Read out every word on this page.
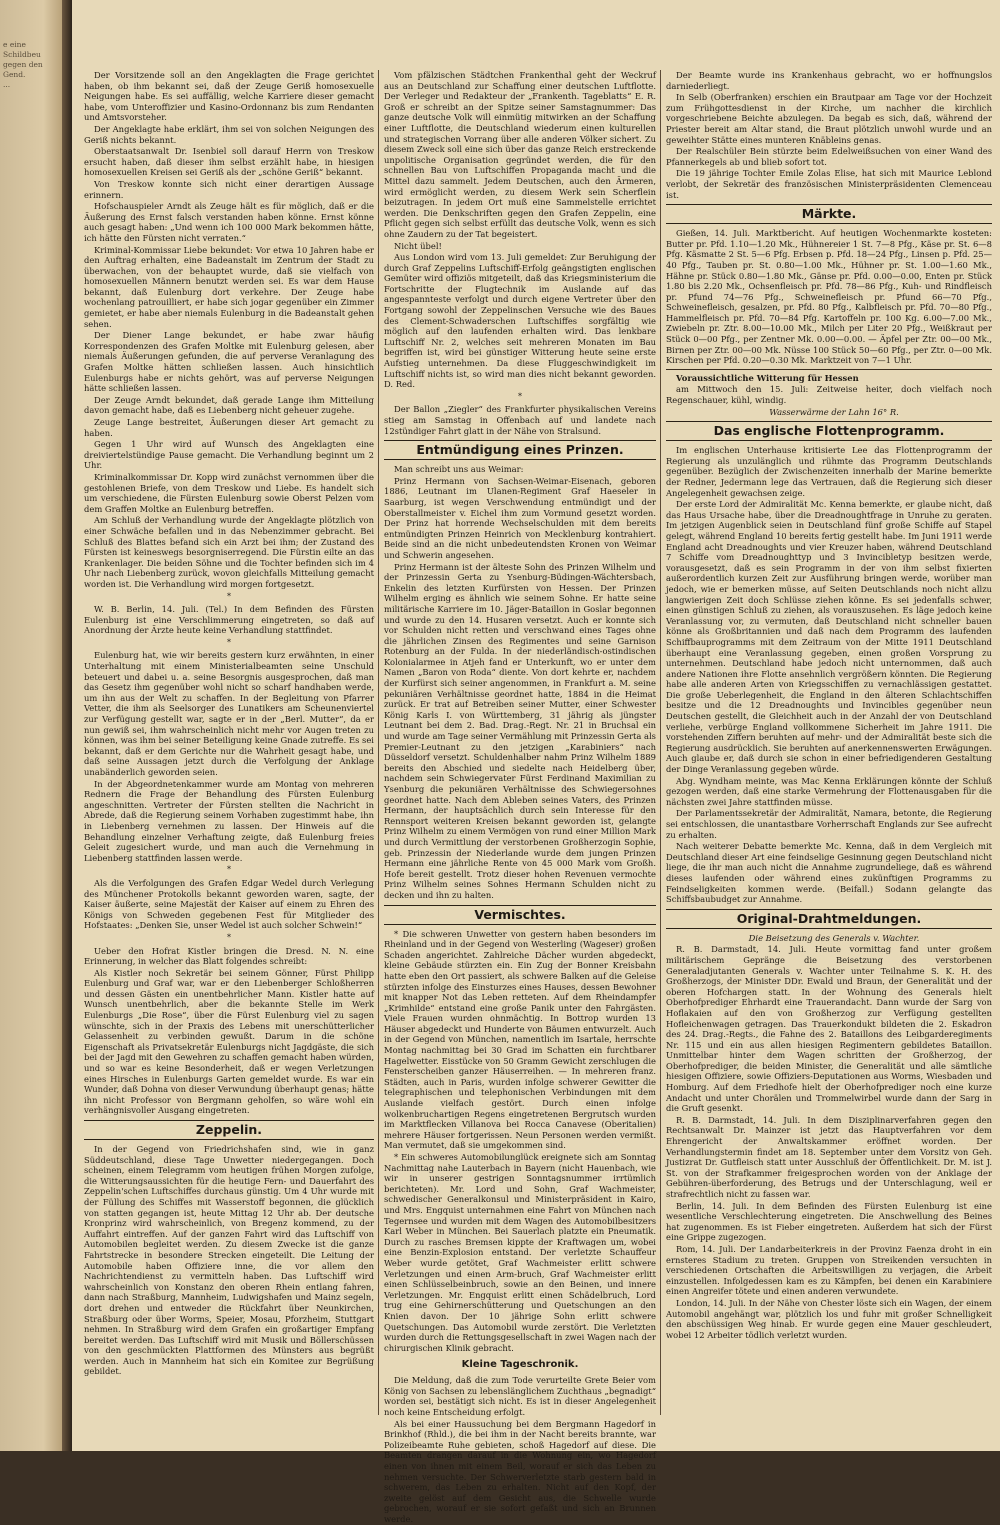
e eine Schildbeu
gegen den Gend.
...

Der Vorsitzende soll an den Angeklagten die Frage gerichtet haben, ob ihm bekannt sei, daß der Zeuge Geriß homosexuelle Neigungen habe. Es sei auffällig, welche Karriere dieser gemacht habe, vom Unteroffizier und Kasino-Ordonnanz bis zum Rendanten und Amtsvorsteher.

Der Angeklagte habe erklärt, ihm sei von solchen Neigungen des Geriß nichts bekannt.

Oberstaatsanwalt Dr. Isenbiel soll darauf Herrn von Treskow ersucht haben, daß dieser ihm selbst erzählt habe, in hiesigen homosexuellen Kreisen sei Geriß als der „schöne Geriß“ bekannt.

Von Treskow konnte sich nicht einer derartigen Aussage erinnern.

Hofschauspieler Arndt als Zeuge hält es für möglich, daß er die Äußerung des Ernst falsch verstanden haben könne. Ernst könne auch gesagt haben: „Und wenn ich 100 000 Mark bekommen hätte, ich hätte den Fürsten nicht verraten.“

Kriminal-Kommissar Liebe bekundet: Vor etwa 10 Jahren habe er den Auftrag erhalten, eine Badeanstalt im Zentrum der Stadt zu überwachen, von der behauptet wurde, daß sie vielfach von homosexuellen Männern benutzt werden sei. Es war dem Hause bekannt, daß Eulenburg dort verkehre. Der Zeuge habe wochenlang patrouilliert, er habe sich jogar gegenüber ein Zimmer gemietet, er habe aber niemals Eulenburg in die Badeanstalt gehen sehen.

Der Diener Lange bekundet, er habe zwar häufig Korrespondenzen des Grafen Moltke mit Eulenburg gelesen, aber niemals Äußerungen gefunden, die auf perverse Veranlagung des Grafen Moltke hätten schließen lassen. Auch hinsichtlich Eulenburgs habe er nichts gehört, was auf perverse Neigungen hätte schließen lassen.

Der Zeuge Arndt bekundet, daß gerade Lange ihm Mitteilung davon gemacht habe, daß es Liebenberg nicht geheuer zugehe.

Zeuge Lange bestreitet, Äußerungen dieser Art gemacht zu haben.

Gegen 1 Uhr wird auf Wunsch des Angeklagten eine dreiviertelstündige Pause gemacht. Die Verhandlung beginnt um 2 Uhr.

Kriminalkommissar Dr. Kopp wird zunächst vernommen über die gestohlenen Briefe, von dem Treskow und Liebe. Es handelt sich um verschiedene, die Fürsten Eulenburg sowie Oberst Pelzen vom dem Graffen Moltke an Eulenburg betreffen.

Am Schluß der Verhandlung wurde der Angeklagte plötzlich von einer Schwäche befallen und in das Nebenzimmer gebracht. Bei Schluß des Blattes befand sich ein Arzt bei ihm; der Zustand des Fürsten ist keineswegs besorgniserregend. Die Fürstin eilte an das Krankenlager. Die beiden Söhne und die Tochter befinden sich im 4 Uhr nach Liebenberg zurück, wovon gleichfalls Mitteilung gemacht worden ist. Die Verhandlung wird morgen fortgesetzt.

*

W. B. Berlin, 14. Juli. (Tel.) In dem Befinden des Fürsten Eulenburg ist eine Verschlimmerung eingetreten, so daß auf Anordnung der Ärzte heute keine Verhandlung stattfindet.

*

Eulenburg hat, wie wir bereits gestern kurz erwähnten, in einer Unterhaltung mit einem Ministerialbeamten seine Unschuld beteuert und dabei u. a. seine Besorgnis ausgesprochen, daß man das Gesetz ihm gegenüber wohl nicht so scharf handhaben werde, um ihn aus der Welt zu schaffen. In der Begleitung von Pfarrer Vetter, die ihm als Seelsorger des Lunatikers am Scheunenviertel zur Verfügung gestellt war, sagte er in der „Berl. Mutter“, da er nun gewiß sei, ihm wahrscheinlich nicht mehr vor Augen treten zu können, was ihm bei seiner Beteiligung keine Gnade zutreffe. Es sei bekannt, daß er dem Gerichte nur die Wahrheit gesagt habe, und daß seine Aussagen jetzt durch die Verfolgung der Anklage unabänderlich geworden seien.

In der Abgeordnetenkammer wurde am Montag von mehreren Rednern die Frage der Behandlung des Fürsten Eulenburg angeschnitten. Vertreter der Fürsten stellten die Nachricht in Abrede, daß die Regierung seinem Vorhaben zugestimmt habe, ihn in Liebenberg vernehmen zu lassen. Der Hinweis auf die Behandlung einzelner Verhaftung zeigte, daß Eulenburg freies Geleit zugesichert wurde, und man auch die Vernehmung in Liebenberg stattfinden lassen werde.

*

Als die Verfolgungen des Grafen Edgar Wedel durch Verlegung des Münchener Protokolls bekannt geworden waren, sagte, der Kaiser äußerte, seine Majestät der Kaiser auf einem zu Ehren des Königs von Schweden gegebenen Fest für Mitglieder des Hofstaates: „Denken Sie, unser Wedel ist auch solcher Schwein!“

*

Ueber den Hofrat Kistler bringen die Dresd. N. N. eine Erinnerung, in welcher das Blatt folgendes schreibt:

Als Kistler noch Sekretär bei seinem Gönner, Fürst Philipp Eulenburg und Graf war, war er den Liebenberger Schloßherren und dessen Gästen ein unentbehrlicher Mann. Kistler hatte auf Wunsch unentbehrlich, aber die bekannte Stelle im Werk Eulenburgs „Die Rose“, über die Fürst Eulenburg viel zu sagen wünschte, sich in der Praxis des Lebens mit unerschütterlicher Gelassenheit zu verbinden gewußt. Darum in die schöne Eigenschaft als Privatsekretär Eulenburgs nicht Jagdgäste, die sich bei der Jagd mit den Gewehren zu schaffen gemacht haben würden, und so war es keine Besonderheit, daß er wegen Verletzungen eines Hirsches in Eulenburgs Garten gemeldet wurde. Es war ein Wunder, daß Dohna von dieser Verwundung überhaupt genas; hätte ihn nicht Professor von Bergmann geholfen, so wäre wohl ein verhängnisvoller Ausgang eingetreten.

Zeppelin.

In der Gegend von Friedrichshafen sind, wie in ganz Süddeutschland, diese Tage Unwetter niedergegangen. Doch scheinen, einem Telegramm vom heutigen frühen Morgen zufolge, die Witterungsaussichten für die heutige Fern- und Dauerfahrt des Zeppelin'schen Luftschiffes durchaus günstig. Um 4 Uhr wurde mit der Füllung des Schiffes mit Wasserstoff begonnen, die glücklich von statten gegangen ist, heute Mittag 12 Uhr ab. Der deutsche Kronprinz wird wahrscheinlich, von Bregenz kommend, zu der Auffahrt eintreffen. Auf der ganzen Fahrt wird das Luftschiff von Automobilen begleitet werden. Zu diesem Zwecke ist die ganze Fahrtstrecke in besondere Strecken eingeteilt. Die Leitung der Automobile haben Offiziere inne, die vor allem den Nachrichtendienst zu vermitteln haben. Das Luftschiff wird wahrscheinlich von Konstanz den oberen Rhein entlang fahren, dann nach Straßburg, Mannheim, Ludwigshafen und Mainz segeln, dort drehen und entweder die Rückfahrt über Neunkirchen, Straßburg oder über Worms, Speier, Mosau, Pforzheim, Stuttgart nehmen. In Straßburg wird dem Grafen ein großartiger Empfang bereitet werden. Das Luftschiff wird mit Musik und Böllerschüssen von den geschmückten Plattformen des Münsters aus begrüßt werden. Auch in Mannheim hat sich ein Komitee zur Begrüßung gebildet.

Vom pfälzischen Städtchen Frankenthal geht der Weckruf aus an Deutschland zur Schaffung einer deutschen Luftflotte. Der Verleger und Redakteur der „Frankenth. Tageblatts“ E. R. Groß er schreibt an der Spitze seiner Samstagnummer: Das ganze deutsche Volk will einmütig mitwirken an der Schaffung einer Luftflotte, die Deutschland wiederum einen kulturellen und strategischen Vorrang über alle anderen Völker sichert. Zu diesem Zweck soll eine sich über das ganze Reich erstreckende unpolitische Organisation gegründet werden, die für den schnellen Bau von Luftschiffen Propaganda macht und die Mittel dazu sammelt. Jedem Deutschen, auch den Ärmeren, wird ermöglicht werden, zu diesem Werk sein Scherflein beizutragen. In jedem Ort muß eine Sammelstelle errichtet werden. Die Denkschriften gegen den Grafen Zeppelin, eine Pflicht gegen sich selbst erfüllt das deutsche Volk, wenn es sich ohne Zaudern zu der Tat begeistert.

Nicht übel!

Aus London wird vom 13. Juli gemeldet: Zur Beruhigung der durch Graf Zeppelins Luftschiff-Erfolg geängstigten englischen Gemüter wird offiziös mitgeteilt, daß das Kriegsministerium die Fortschritte der Flugtechnik im Auslande auf das angespannteste verfolgt und durch eigene Vertreter über den Fortgang sowohl der Zeppelinschen Versuche wie des Baues des Clement-Schwaderschen Luftschiffes sorgfältig wie möglich auf den laufenden erhalten wird. Das lenkbare Luftschiff Nr. 2, welches seit mehreren Monaten im Bau begriffen ist, wird bei günstiger Witterung heute seine erste Aufstieg unternehmen. Da diese Fluggeschwindigkeit im Luftschiff nichts ist, so wird man dies nicht bekannt geworden. D. Red.

*

Der Ballon „Ziegler“ des Frankfurter physikalischen Vereins stieg am Samstag in Offenbach auf und landete nach 12stündiger Fahrt glatt in der Nähe von Stralsund.

Entmündigung eines Prinzen.

Man schreibt uns aus Weimar:

Prinz Hermann von Sachsen-Weimar-Eisenach, geboren 1886, Leutnant im Ulanen-Regiment Graf Haeseler in Saarburg, ist wegen Verschwendung entmündigt und der Oberstallmeister v. Eichel ihm zum Vormund gesetzt worden. Der Prinz hat horrende Wechselschulden mit dem bereits entmündigten Prinzen Heinrich von Mecklenburg kontrahiert. Beide sind an die nicht unbedeutendsten Kronen von Weimar und Schwerin angesehen.

Prinz Hermann ist der älteste Sohn des Prinzen Wilhelm und der Prinzessin Gerta zu Ysenburg-Büdingen-Wächtersbach, Enkelin des letzten Kurfürsten von Hessen. Der Prinzen Wilhelm erging es ähnlich wie seinem Sohne. Er hatte seine militärische Karriere im 10. Jäger-Bataillon in Goslar begonnen und wurde zu den 14. Husaren versetzt. Auch er konnte sich vor Schulden nicht retten und verschwand eines Tages ohne die jährlichen Zinsen des Regimentes und seine Garnison Rotenburg an der Fulda. In der niederländisch-ostindischen Kolonialarmee in Atjeh fand er Unterkunft, wo er unter dem Namen „Baron von Roda“ diente. Von dort kehrte er, nachdem der Kurfürst sich seiner angenommen, in Frankfurt a. M. seine pekuniären Verhältnisse geordnet hatte, 1884 in die Heimat zurück. Er trat auf Betreiben seiner Mutter, einer Schwester König Karls I. von Württemberg, 31 jährig als jüngster Leutnant bei dem 2. Bad. Drag.-Regt. Nr. 21 in Bruchsal ein und wurde am Tage seiner Vermählung mit Prinzessin Gerta als Premier-Leutnant zu den jetzigen „Karabiniers“ nach Düsseldorf versetzt. Schuldenhalber nahm Prinz Wilhelm 1889 bereits den Abschied und siedelte nach Heidelberg über, nachdem sein Schwiegervater Fürst Ferdinand Maximilian zu Ysenburg die pekuniären Verhältnisse des Schwiegersohnes geordnet hatte. Nach dem Ableben seines Vaters, des Prinzen Hermann, der hauptsächlich durch sein Interesse für den Rennsport weiteren Kreisen bekannt geworden ist, gelangte Prinz Wilhelm zu einem Vermögen von rund einer Million Mark und durch Vermittlung der verstorbenen Großherzogin Sophie, geb. Prinzessin der Niederlande wurde dem jungen Prinzen Hermann eine jährliche Rente von 45 000 Mark vom Großh. Hofe bereit gestellt. Trotz dieser hohen Revenuen vermochte Prinz Wilhelm seines Sohnes Hermann Schulden nicht zu decken und ihn zu halten.

Vermischtes.

* Die schweren Unwetter von gestern haben besonders im Rheinland und in der Gegend von Westerling (Wageser) großen Schaden angerichtet. Zahlreiche Dächer wurden abgedeckt, kleine Gebäude stürzten ein. Ein Zug der Bonner Kreisbahn hatte eben den Ort passiert, als schwere Balken auf die Geleise stürzten infolge des Einsturzes eines Hauses, dessen Bewohner mit knapper Not das Leben retteten. Auf dem Rheindampfer „Krimhilde“ entstand eine große Panik unter den Fahrgästen. Viele Frauen wurden ohnmächtig. In Bottrop wurden 13 Häuser abgedeckt und Hunderte von Bäumen entwurzelt. Auch in der Gegend von München, namentlich im Isartale, herrschte Montag nachmittag bei 30 Grad im Schatten ein furchtbarer Hagelwetter. Eisstücke von 50 Gramm Gewicht zerschlugen die Fensterscheiben ganzer Häuserreihen. — In mehreren franz. Städten, auch in Paris, wurden infolge schwerer Gewitter die telegraphischen und telephonischen Verbindungen mit dem Auslande vielfach gestört. Durch einen infolge wolkenbruchartigen Regens eingetretenen Bergrutsch wurden im Marktflecken Villanova bei Rocca Canavese (Oberitalien) mehrere Häuser fortgerissen. Neun Personen werden vermißt. Man vermutet, daß sie umgekommen sind.

* Ein schweres Automobilunglück ereignete sich am Sonntag Nachmittag nahe Lauterbach in Bayern (nicht Hauenbach, wie wir in unserer gestrigen Sonntagsnummer irrtümlich berichteten). Mr. Lord und Sohn, Graf Wachmeister, schwedischer Generalkonsul und Ministerpräsident in Kairo, und Mrs. Engquist unternahmen eine Fahrt von München nach Tegernsee und wurden mit dem Wagen des Automobilbesitzers Karl Weber in München. Bei Sauerlach platzte ein Pneumatik. Durch zu rasches Bremsen kippte der Kraftwagen um, wobei eine Benzin-Explosion entstand. Der verletzte Schauffeur Weber wurde getötet, Graf Wachmeister erlitt schwere Verletzungen und einen Arm-bruch, Graf Wachmeister erlitt einen Schlüsselbeinbruch, sowie an den Beinen, und innere Verletzungen. Mr. Engquist erlitt einen Schädelbruch, Lord trug eine Gehirnerschütterung und Quetschungen an den Knien davon. Der 10 jährige Sohn erlitt schwere Quetschungen. Das Automobil wurde zerstört. Die Verletzten wurden durch die Rettungsgesellschaft in zwei Wagen nach der chirurgischen Klinik gebracht.

Kleine Tageschronik.

Die Meldung, daß die zum Tode verurteilte Grete Beier vom König von Sachsen zu lebenslänglichem Zuchthaus „begnadigt“ worden sei, bestätigt sich nicht. Es ist in dieser Angelegenheit noch keine Entscheidung erfolgt.

Als bei einer Haussuchung bei dem Bergmann Hagedorf in Brinkhof (Rhld.), die bei ihm in der Nacht bereits brannte, war Polizeibeamte Ruhe gebieten, schoß Hagedorf auf diese. Die Beamten drangen darauf in die Wohnung ein, wo Hagedorf einen von ihnen mit einem Beil, worauf er sich das Leben zu nehmen versuchte. Der Schwerverletzte starb gestern bald in schwerem, das Leben zu erhalten. Nicht auf den Kopf, der zweite gelöst auf dem Gesicht aus, die Schwelle wurde gebrochen, worauf er sie sofort gefaßt und sich an Brunnen werde.

Der Beamte wurde ins Krankenhaus gebracht, wo er hoffnungslos darniederliegt.

In Selb (Oberfranken) erschien ein Brautpaar am Tage vor der Hochzeit zum Frühgottesdienst in der Kirche, um nachher die kirchlich vorgeschriebene Beichte abzulegen. Da begab es sich, daß, während der Priester bereit am Altar stand, die Braut plötzlich unwohl wurde und an geweihter Stätte eines munteren Knäbleins genas.

Der Realschüler Bein stürzte beim Edelweißsuchen von einer Wand des Pfannerkegels ab und blieb sofort tot.

Die 19 jährige Tochter Emile Zolas Elise, hat sich mit Maurice Leblond verlobt, der Sekretär des französischen Ministerpräsidenten Clemenceau ist.

Märkte.

Gießen, 14. Juli. Marktbericht. Auf heutigen Wochenmarkte kosteten: Butter pr. Pfd. 1.10—1.20 Mk., Hühnereier 1 St. 7—8 Pfg., Käse pr. St. 6—8 Pfg. Käsmatte 2 St. 5—6 Pfg. Erbsen p. Pfd. 18—24 Pfg., Linsen p. Pfd. 25—40 Pfg., Tauben pr. St. 0.80—1.00 Mk., Hühner pr. St. 1.00—1.60 Mk., Hähne pr. Stück 0.80—1.80 Mk., Gänse pr. Pfd. 0.00—0.00, Enten pr. Stück 1.80 bis 2.20 Mk., Ochsenfleisch pr. Pfd. 78—86 Pfg., Kuh- und Rindfleisch pr. Pfund 74—76 Pfg., Schweinefleisch pr. Pfund 66—70 Pfg., Schweinefleisch, gesalzen, pr. Pfd. 80 Pfg., Kalbfleisch pr. Pfd. 70—80 Pfg., Hammelfleisch pr. Pfd. 70—84 Pfg. Kartoffeln pr. 100 Kg. 6.00—7.00 Mk., Zwiebeln pr. Ztr. 8.00—10.00 Mk., Milch per Liter 20 Pfg., Weißkraut per Stück 0—00 Pfg., per Zentner Mk. 0.00—0.00. — Äpfel per Ztr. 00—00 Mk., Birnen per Ztr. 00—00 Mk. Nüsse 100 Stück 50—60 Pfg., per Ztr. 0—00 Mk. Kirschen per Pfd. 0.20—0.30 Mk. Marktzeit von 7—1 Uhr.

Voraussichtliche Witterung für Hessen

am Mittwoch den 15. Juli: Zeitweise heiter, doch vielfach noch Regenschauer, kühl, windig.

Wasserwärme der Lahn 16° R.

Das englische Flottenprogramm.

Im englischen Unterhause kritisierte Lee das Flottenprogramm der Regierung als unzulänglich und rühmte das Programm Deutschlands gegenüber. Bezüglich der Zwischenzeiten innerhalb der Marine bemerkte der Redner, Jedermann lege das Vertrauen, daß die Regierung sich dieser Angelegenheit gewachsen zeige.

Der erste Lord der Admiralität Mc. Kenna bemerkte, er glaube nicht, daß das Haus Ursache habe, über die Dreadnoughtfrage in Unruhe zu geraten. Im jetzigen Augenblick seien in Deutschland fünf große Schiffe auf Stapel gelegt, während England 10 bereits fertig gestellt habe. Im Juni 1911 werde England acht Dreadnoughts und vier Kreuzer haben, während Deutschland 7 Schiffe vom Dreadnoughttyp und 3 Invincibletyp besitzen werde, vorausgesetzt, daß es sein Programm in der von ihm selbst fixierten außerordentlich kurzen Zeit zur Ausführung bringen werde, worüber man jedoch, wie er bemerken müsse, auf Seiten Deutschlands noch nicht allzu langwierigen Zeit doch Schlüsse ziehen könne. Es sei jedenfalls schwer, einen günstigen Schluß zu ziehen, als vorauszusehen. Es läge jedoch keine Veranlassung vor, zu vermuten, daß Deutschland nicht schneller bauen könne als Großbritannien und daß nach dem Programm des laufenden Schiffbauprogramms mit dem Zeitraum von der Mitte 1911 Deutschland überhaupt eine Veranlassung gegeben, einen großen Vorsprung zu unternehmen. Deutschland habe jedoch nicht unternommen, daß auch andere Nationen ihre Flotte ansehnlich vergrößern könnten. Die Regierung habe alle anderen Arten von Kriegsschiffen zu vernachlässigen gestattet. Die große Ueberlegenheit, die England in den älteren Schlachtschiffen besitze und die 12 Dreadnoughts und Invincibles gegenüber neun Deutschen gestellt, die Gleichheit auch in der Anzahl der von Deutschland verliehe, verbürge England vollkommene Sicherheit im Jahre 1911. Die vorstehenden Ziffern beruhten auf mehr- und der Admiralität beste sich die Regierung ausdrücklich. Sie beruhten auf anerkennenswerten Erwägungen. Auch glaube er, daß durch sie schon in einer befriedigenderen Gestaltung der Dinge Veranlassung gegeben würde.

Abg. Wyndham meinte, was Mac Kenna Erklärungen könnte der Schluß gezogen werden, daß eine starke Vermehrung der Flottenausgaben für die nächsten zwei Jahre stattfinden müsse.

Der Parlamentssekretär der Admiralität, Namara, betonte, die Regierung sei entschlossen, die unantastbare Vorherrschaft Englands zur See aufrecht zu erhalten.

Nach weiterer Debatte bemerkte Mc. Kenna, daß in dem Vergleich mit Deutschland dieser Art eine feindselige Gesinnung gegen Deutschland nicht liege, die ihr man auch nicht die Annahme zugrundeliege, daß es während dieses laufenden oder während eines zukünftigen Programms zu Feindseligkeiten kommen werde. (Beifall.) Sodann gelangte das Schiffsbaubudget zur Annahme.

Original-Drahtmeldungen.

Die Beisetzung des Generals v. Wachter.

R. B. Darmstadt, 14. Juli. Heute vormittag fand unter großem militärischem Gepränge die Beisetzung des verstorbenen Generaladjutanten Generals v. Wachter unter Teilnahme S. K. H. des Großherzogs, der Minister DDr. Ewald und Braun, der Generalität und der oberen Hofchargen statt. In der Wohnung des Generals hielt Oberhofprediger Ehrhardt eine Trauerandacht. Dann wurde der Sarg von Hoflakaien auf den von Großherzog zur Verfügung gestellten Hofleichenwagen getragen. Das Trauerkondukt bildeten die 2. Eskadron des 24. Drag.-Regts., die Fahne des 2. Bataillons des Leibgarderegiments Nr. 115 und ein aus allen hiesigen Regimentern gebildetes Bataillon. Unmittelbar hinter dem Wagen schritten der Großherzog, der Oberhofprediger, die beiden Minister, die Generalität und alle sämtliche hiesigen Offiziere, sowie Offiziers-Deputationen aus Worms, Wiesbaden und Homburg. Auf dem Friedhofe hielt der Oberhofprediger noch eine kurze Andacht und unter Chorälen und Trommelwirbel wurde dann der Sarg in die Gruft gesenkt.

R. B. Darmstadt, 14. Juli. In dem Disziplinarverfahren gegen den Rechtsanwalt Dr. Mainzer ist jetzt das Hauptverfahren vor dem Ehrengericht der Anwaltskammer eröffnet worden. Der Verhandlungstermin findet am 18. September unter dem Vorsitz von Geh. Justizrat Dr. Gutfleisch statt unter Ausschluß der Öffentlichkeit. Dr. M. ist J. St. von der Strafkammer freigesprochen worden von der Anklage der Gebühren-überforderung, des Betrugs und der Unterschlagung, weil er strafrechtlich nicht zu fassen war.

Berlin, 14. Juli. In dem Befinden des Fürsten Eulenburg ist eine wesentliche Verschlechterung eingetreten. Die Anschwellung des Beines hat zugenommen. Es ist Fieber eingetreten. Außerdem hat sich der Fürst eine Grippe zugezogen.

Rom, 14. Juli. Der Landarbeiterkreis in der Provinz Faenza droht in ein ernsteres Stadium zu treten. Gruppen von Streikenden versuchten in verschiedenen Ortschaften die Arbeitswilligen zu verjagen, die Arbeit einzustellen. Infolgedessen kam es zu Kämpfen, bei denen ein Karabiniere einen Angreifer tötete und einen anderen verwundete.

London, 14. Juli. In der Nähe von Chester löste sich ein Wagen, der einem Automobil angehängt war, plötzlich los und fuhr mit großer Schnelligkeit den abschüssigen Weg hinab. Er wurde gegen eine Mauer geschleudert, wobei 12 Arbeiter tödlich verletzt wurden.
